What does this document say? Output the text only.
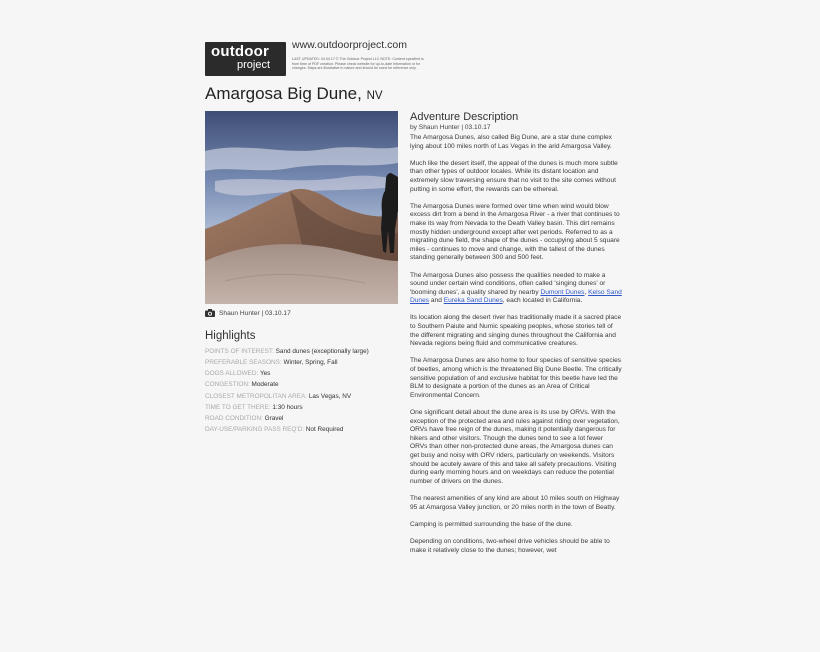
outdoor
project
www.outdoorproject.com
LAST UPDATED: 04.04.17 © The Outdoor Project LLC NOTE: Content specified is from time of PDF creation. Please check website for up-to-date information or for changes. Maps are illustrative in nature and should be used for reference only.
Amargosa Big Dune, NV
Shaun Hunter | 03.10.17
Highlights
POINTS OF INTEREST: Sand dunes (exceptionally large)
PREFERABLE SEASONS: Winter, Spring, Fall
DOGS ALLOWED: Yes
CONGESTION: Moderate
CLOSEST METROPOLITAN AREA: Las Vegas, NV
TIME TO GET THERE: 1:30 hours
ROAD CONDITION: Gravel
DAY-USE/PARKING PASS REQ'D: Not Required
Adventure Description
by Shaun Hunter | 03.10.17

The Amargosa Dunes, also called Big Dune, are a star dune complex lying about 100 miles north of Las Vegas in the arid Amargosa Valley.

Much like the desert itself, the appeal of the dunes is much more subtle than other types of outdoor locales. While its distant location and extremely slow traversing ensure that no visit to the site comes without putting in some effort, the rewards can be ethereal.

The Amargosa Dunes were formed over time when wind would blow excess dirt from a bend in the Amargosa River - a river that continues to make its way from Nevada to the Death Valley basin. This dirt remains mostly hidden underground except after wet periods. Referred to as a migrating dune field, the shape of the dunes - occupying about 5 square miles - continues to move and change, with the tallest of the dunes standing generally between 300 and 500 feet.

The Amargosa Dunes also possess the qualities needed to make a sound under certain wind conditions, often called 'singing dunes' or 'booming dunes', a quality shared by nearby Dumont Dunes, Kelso Sand Dunes and Eureka Sand Dunes, each located in California.

Its location along the desert river has traditionally made it a sacred place to Southern Paiute and Numic speaking peoples, whose stories tell of the different migrating and singing dunes throughout the California and Nevada regions being fluid and communicative creatures.

The Amargosa Dunes are also home to four species of sensitive species of beetles, among which is the threatened Big Dune Beetle. The critically sensitive population of and exclusive habitat for this beetle have led the BLM to designate a portion of the dunes as an Area of Critical Environmental Concern.

One significant detail about the dune area is its use by ORVs. With the exception of the protected area and rules against riding over vegetation, ORVs have free reign of the dunes, making it potentially dangerous for hikers and other visitors. Though the dunes tend to see a lot fewer ORVs than other non-protected dune areas, the Amargosa dunes can get busy and noisy with ORV riders, particularly on weekends. Visitors should be acutely aware of this and take all safety precautions. Visiting during early morning hours and on weekdays can reduce the potential number of drivers on the dunes.

The nearest amenities of any kind are about 10 miles south on Highway 95 at Amargosa Valley junction, or 20 miles north in the town of Beatty.

Camping is permitted surrounding the base of the dune.

Depending on conditions, two-wheel drive vehicles should be able to make it relatively close to the dunes; however, wet
